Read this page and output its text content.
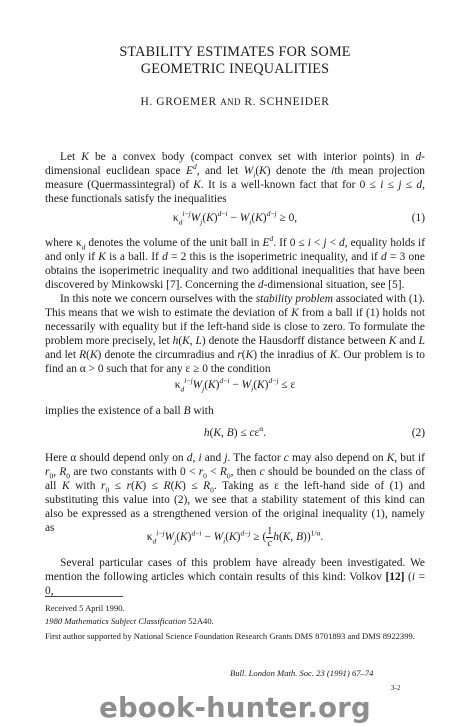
STABILITY ESTIMATES FOR SOME
GEOMETRIC INEQUALITIES
H. GROEMER AND R. SCHNEIDER

Let K be a convex body (compact convex set with interior points) in d-dimensional euclidean space $E^d$, and let $W_i(K)$ denote the ith mean projection measure (Quermassintegral) of K. It is a well-known fact that for 0 ≤ i ≤ j ≤ d, these functionals satisfy the inequalities

$\kappa_d^{i-j}W_j(K)^{d-i} - W_i(K)^{d-j} \ge 0$,	(1)

where $\kappa_d$ denotes the volume of the unit ball in $E^d$. If 0 ≤ i < j < d, equality holds if and only if K is a ball. If d = 2 this is the isoperimetric inequality, and if d = 3 one obtains the isoperimetric inequality and two additional inequalities that have been discovered by Minkowski [7]. Concerning the d-dimensional situation, see [5].

In this note we concern ourselves with the stability problem associated with (1). This means that we wish to estimate the deviation of K from a ball if (1) holds not necessarily with equality but if the left-hand side is close to zero. To formulate the problem more precisely, let h(K, L) denote the Hausdorff distance between K and L and let R(K) denote the circumradius and r(K) the inradius of K. Our problem is to find an α > 0 such that for any ε ≥ 0 the condition

$\kappa_d^{i-j}W_j(K)^{d-i} - W_i(K)^{d-j} \le \varepsilon$

implies the existence of a ball B with

h(K, $B) \le c\varepsilon^\alpha$.	(2)

Here α should depend only on d, i and j. The factor c may also depend on K, but if $r_0$, $R_0$ are two constants with $0 < r_0 < R_0$, then c should be bounded on the class of all K with $r_0 \le r(K) \le R(K) \le R_0$. Taking as ε the left-hand side of (1) and substituting this value into (2), we see that a stability statement of this kind can also be expressed as a strengthened version of the original inequality (1), namely as

$\kappa_d^{i-j}W_j(K)^{d-i} - W_i(K)^{d-j}$ ≥ ( $\frac{1}{c} h(K$, B))$^{1/\alpha}$.

Several particular cases of this problem have already been investigated. We mention the following articles which contain results of this kind: Volkov [12] (i = 0,

Received 5 April 1990.
1980 Mathematics Subject Classification 52A40.
First author supported by National Science Foundation Research Grants DMS 8701893 and DMS 8922399.
Bull. London Math. Soc. 23 (1991) 67–74
3-2
ebook-hunter.org
